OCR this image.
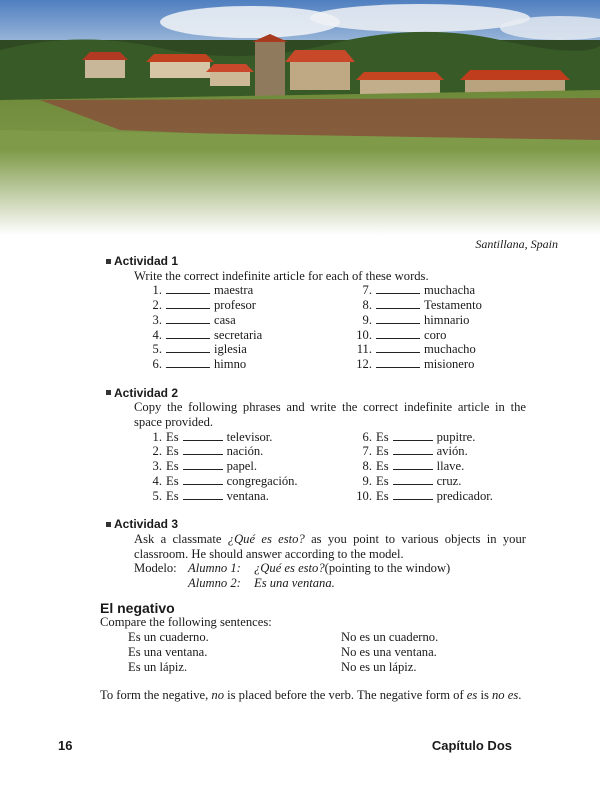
Santillana, Spain
Actividad 1
Write the correct indefinite article for each of these words.
1.	maestra	7.	muchacha
2.	profesor	8.	Testamento
3.	casa	9.	himnario
4.	secretaria	10.	coro
5.	iglesia	11.	muchacho
6.	himno	12.	misionero
Actividad 2
Copy the following phrases and write the correct indefinite article in the space provided.
1. Es	televisor.	6. Es	pupitre.
2. Es	nación.	7. Es	avión.
3. Es	papel.	8. Es	llave.
4. Es	congregación.	9. Es	cruz.
5. Es	ventana.	10. Es	predicador.
Actividad 3
Ask a classmate ¿Qué es esto? as you point to various objects in your classroom. He should answer according to the model.
Modelo: Alumno 1:	¿Qué es esto? (pointing to the window)
Alumno 2:	Es una ventana.
El negativo
Compare the following sentences:
Es un cuaderno.	No es un cuaderno.
Es una ventana.	No es una ventana.
Es un lápiz.	No es un lápiz.
To form the negative, no is placed before the verb. The negative form of es is no es.
16	Capítulo Dos
